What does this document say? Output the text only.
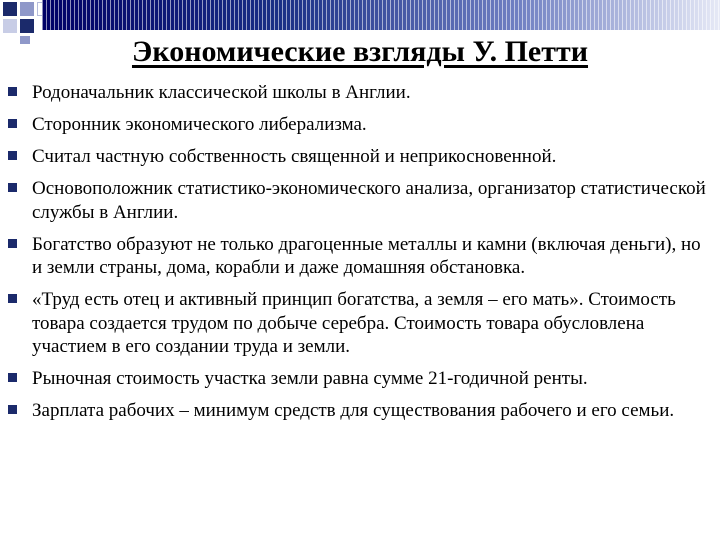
Экономические взгляды У. Петти
Родоначальник классической школы в Англии.
Сторонник экономического либерализма.
Считал частную собственность священной и неприкосновенной.
Основоположник статистико-экономического анализа, организатор статистической службы в Англии.
Богатство образуют не только драгоценные металлы и камни (включая деньги), но и земли страны, дома, корабли и даже домашняя обстановка.
«Труд есть отец и активный принцип богатства, а земля – его мать». Стоимость товара создается трудом по добыче серебра. Стоимость товара обусловлена участием в его создании труда и земли.
Рыночная стоимость участка земли равна сумме 21-годичной ренты.
Зарплата рабочих – минимум средств для существования рабочего и его семьи.
